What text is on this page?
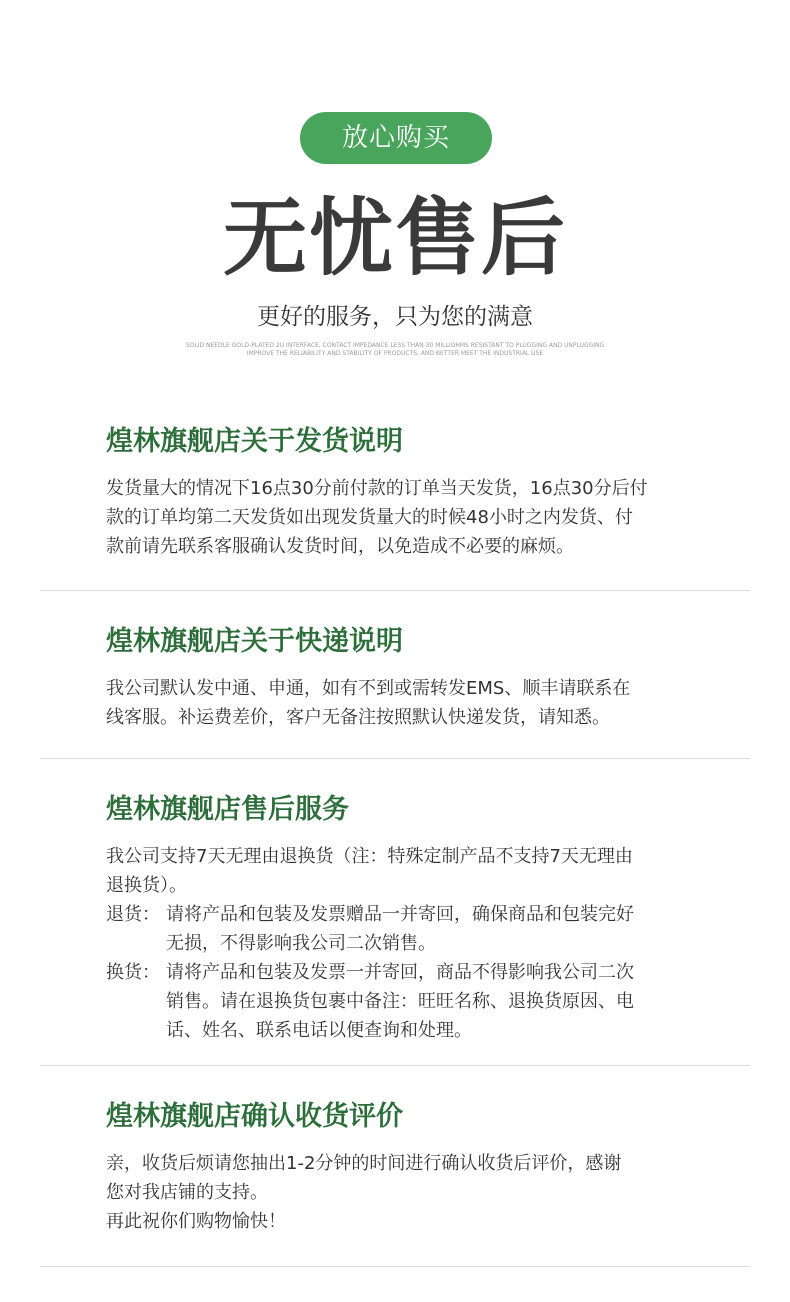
放心购买
无忧售后
更好的服务，只为您的满意
SOLID NEEDLE GOLD-PLATED 2U INTERFACE, CONTACT IMPEDANCE LESS THAN 30 MILLIOHMS RESISTANT TO PLUGGING AND UNPLUGGING
IMPROVE THE RELIABILITY AND STABILITY OF PRODUCTS, AND BETTER MEET THE INDUSTRIAL USE
煌林旗舰店关于发货说明

发货量大的情况下16点30分前付款的订单当天发货，16点30分后付

款的订单均第二天发货如出现发货量大的时候48小时之内发货、付

款前请先联系客服确认发货时间，以免造成不必要的麻烦。

煌林旗舰店关于快递说明

我公司默认发中通、申通，如有不到或需转发EMS、顺丰请联系在

线客服。补运费差价，客户无备注按照默认快递发货，请知悉。

煌林旗舰店售后服务

我公司支持7天无理由退换货（注：特殊定制产品不支持7天无理由

退换货）。

退货： 请将产品和包装及发票赠品一并寄回，确保商品和包装完好
无损，不得影响我公司二次销售。
换货： 请将产品和包装及发票一并寄回，商品不得影响我公司二次
销售。请在退换货包裹中备注：旺旺名称、退换货原因、电
话、姓名、联系电话以便查询和处理。
煌林旗舰店确认收货评价

亲，收货后烦请您抽出1-2分钟的时间进行确认收货后评价，感谢

您对我店铺的支持。

再此祝你们购物愉快！
